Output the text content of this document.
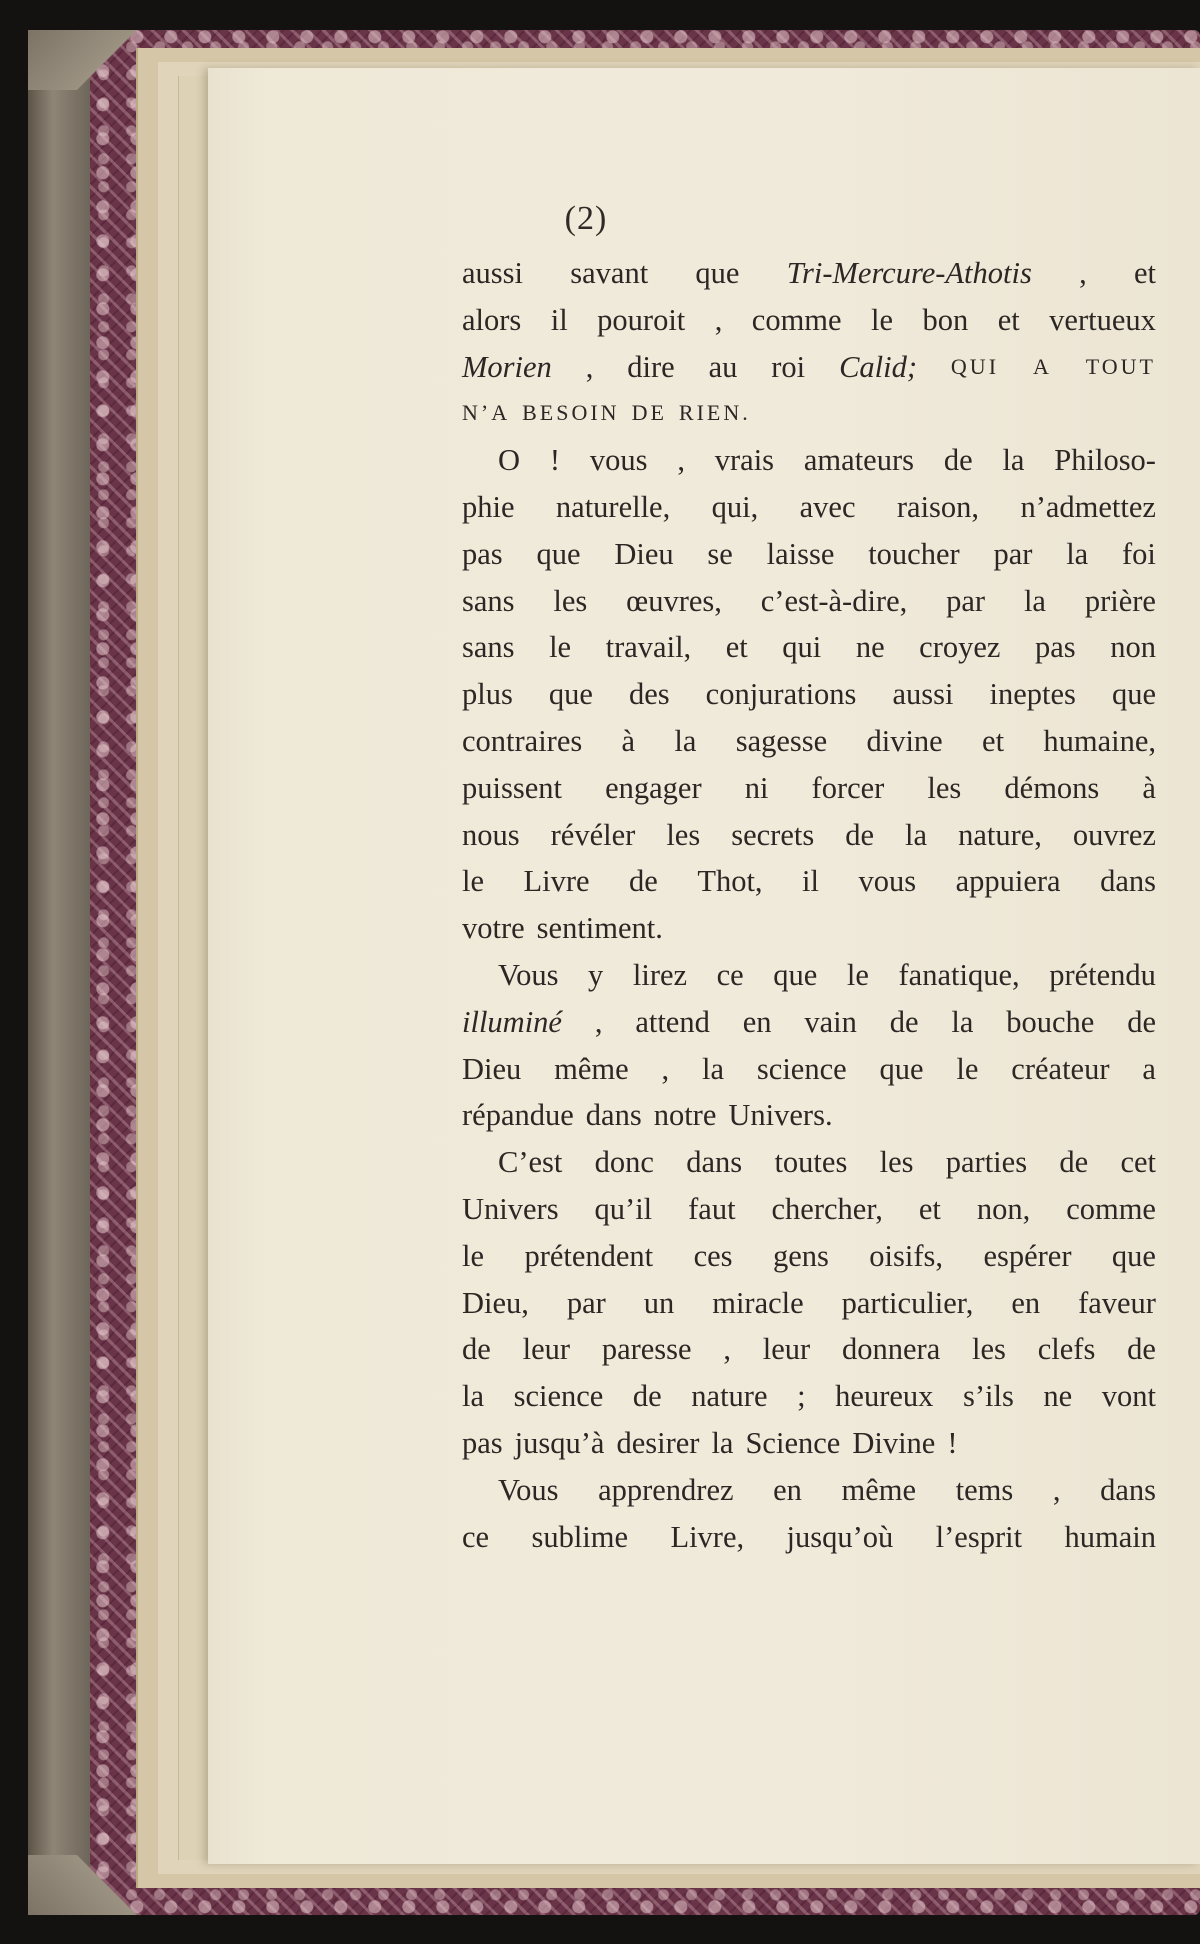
(2)
aussi savant que Tri-Mercure-Athotis , et
alors il pouroit , comme le bon et vertueux
Morien , dire au roi Calid; QUI A TOUT
N’A BESOIN DE RIEN.
O ! vous , vrais amateurs de la Philoso-
phie naturelle, qui, avec raison, n’admettez
pas que Dieu se laisse toucher par la foi
sans les œuvres, c’est-à-dire, par la prière
sans le travail, et qui ne croyez pas non
plus que des conjurations aussi ineptes que
contraires à la sagesse divine et humaine,
puissent engager ni forcer les démons à
nous révéler les secrets de la nature, ouvrez
le Livre de Thot, il vous appuiera dans
votre sentiment.
Vous y lirez ce que le fanatique, prétendu
illuminé , attend en vain de la bouche de
Dieu même , la science que le créateur a
répandue dans notre Univers.
C’est donc dans toutes les parties de cet
Univers qu’il faut chercher, et non, comme
le prétendent ces gens oisifs, espérer que
Dieu, par un miracle particulier, en faveur
de leur paresse , leur donnera les clefs de
la science de nature ; heureux s’ils ne vont
pas jusqu’à desirer la Science Divine !
Vous apprendrez en même tems , dans
ce sublime Livre, jusqu’où l’esprit humain
